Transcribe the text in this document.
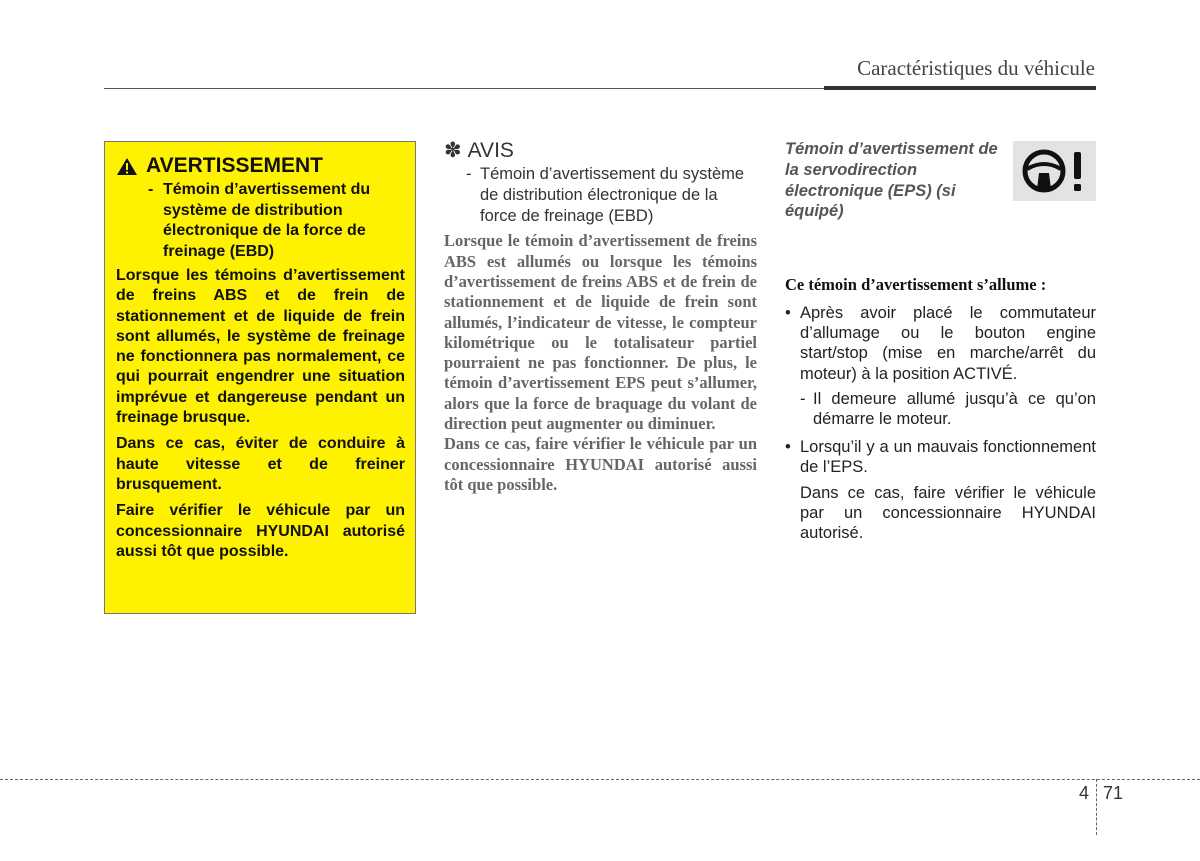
Caractéristiques du véhicule
AVERTISSEMENT
- Témoin d’avertissement du système de distribution électronique de la force de freinage (EBD)
Lorsque les témoins d’avertissement de freins ABS et de frein de stationnement et de liquide de frein sont allumés, le système de freinage ne fonctionnera pas normalement, ce qui pourrait engendrer une situation imprévue et dangereuse pendant un freinage brusque.
Dans ce cas, éviter de conduire à haute vitesse et de freiner brusquement.
Faire vérifier le véhicule par un concessionnaire HYUNDAI autorisé aussi tôt que possible.
✽ AVIS
- Témoin d’avertissement du système de distribution électronique de la force de freinage (EBD)
Lorsque le témoin d’avertissement de freins ABS est allumés ou lorsque les témoins d’avertissement de freins ABS et de frein de stationnement et de liquide de frein sont allumés, l’indicateur de vitesse, le compteur kilométrique ou le totalisateur partiel pourraient ne pas fonctionner. De plus, le témoin d’avertissement EPS peut s’allumer, alors que la force de braquage du volant de direction peut augmenter ou diminuer.
Dans ce cas, faire vérifier le véhicule par un concessionnaire HYUNDAI autorisé aussi tôt que possible.
Témoin d’avertissement de la servodirection électronique (EPS) (si équipé)
Ce témoin d’avertissement s’allume :
• Après avoir placé le commutateur d’allumage ou le bouton engine start/stop (mise en marche/arrêt du moteur) à la position ACTIVÉ.
- Il demeure allumé jusqu’à ce qu’on démarre le moteur.
• Lorsqu’il y a un mauvais fonctionnement de l’EPS.
Dans ce cas, faire vérifier le véhicule par un concessionnaire HYUNDAI autorisé.
4 71
